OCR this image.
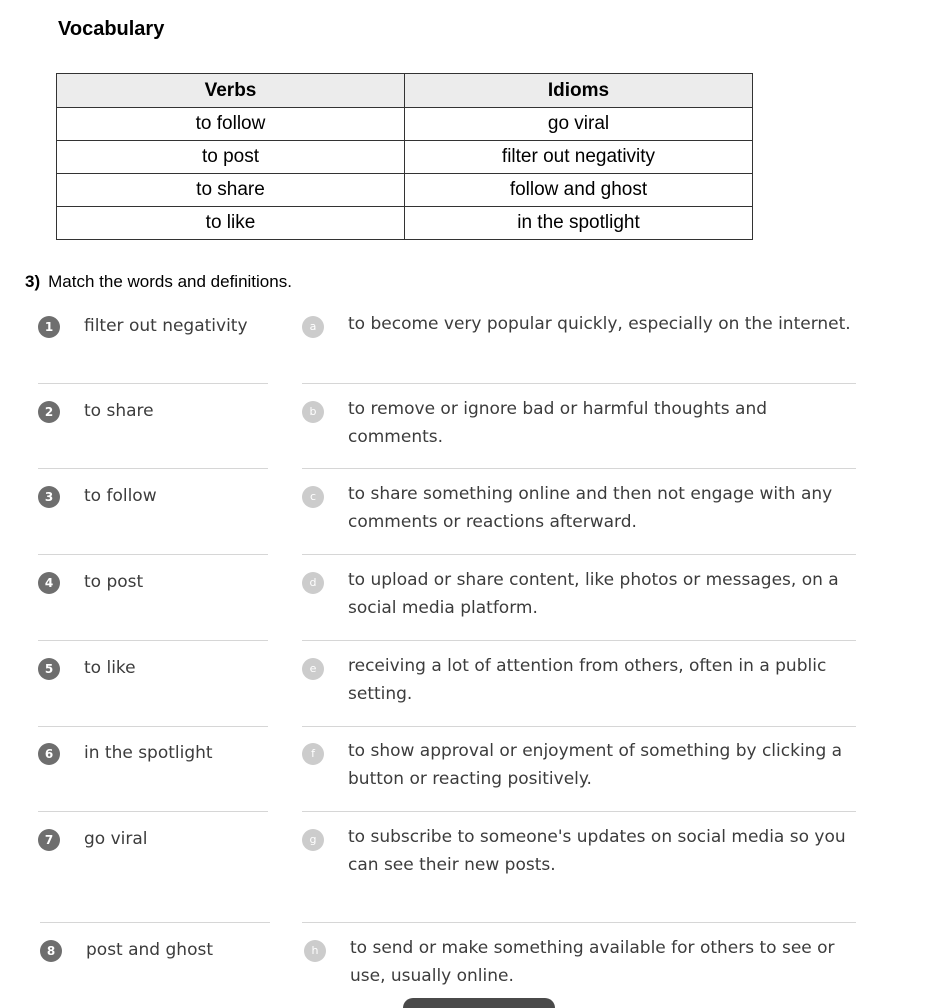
Vocabulary
Verbs	Idioms
to follow	go viral
to post	filter out negativity
to share	follow and ghost
to like	in the spotlight
3) Match the words and definitions.
1	filter out negativity	a	to become very popular quickly, especially on the internet.
2	to share	b	to remove or ignore bad or harmful thoughts and comments.
3	to follow	c	to share something online and then not engage with any comments or reactions afterward.
4	to post	d	to upload or share content, like photos or messages, on a social media platform.
5	to like	e	receiving a lot of attention from others, often in a public setting.
6	in the spotlight	f	to show approval or enjoyment of something by clicking a button or reacting positively.
7	go viral	g	to subscribe to someone's updates on social media so you can see their new posts.
8	post and ghost	h	to send or make something available for others to see or use, usually online.
